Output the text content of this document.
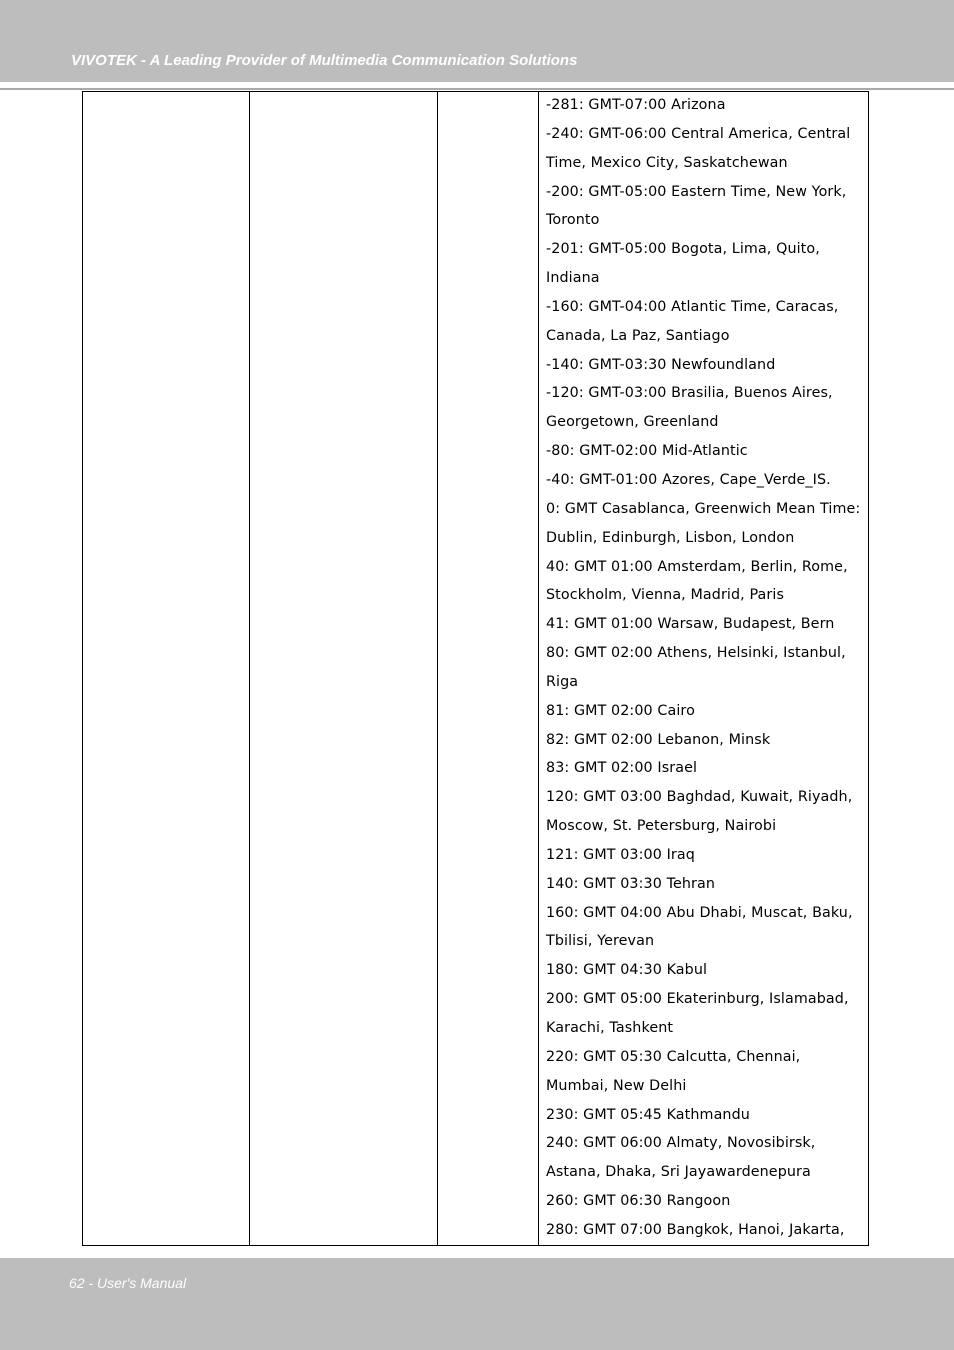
VIVOTEK - A Leading Provider of Multimedia Communication Solutions
-281: GMT-07:00 Arizona
-240: GMT-06:00 Central America, Central
Time, Mexico City, Saskatchewan
-200: GMT-05:00 Eastern Time, New York,
Toronto
-201: GMT-05:00 Bogota, Lima, Quito,
Indiana
-160: GMT-04:00 Atlantic Time, Caracas,
Canada, La Paz, Santiago
-140: GMT-03:30 Newfoundland
-120: GMT-03:00 Brasilia, Buenos Aires,
Georgetown, Greenland
-80: GMT-02:00 Mid-Atlantic
-40: GMT-01:00 Azores, Cape_Verde_IS.
0: GMT Casablanca, Greenwich Mean Time:
Dublin, Edinburgh, Lisbon, London
40: GMT 01:00 Amsterdam, Berlin, Rome,
Stockholm, Vienna, Madrid, Paris
41: GMT 01:00 Warsaw, Budapest, Bern
80: GMT 02:00 Athens, Helsinki, Istanbul,
Riga
81: GMT 02:00 Cairo
82: GMT 02:00 Lebanon, Minsk
83: GMT 02:00 Israel
120: GMT 03:00 Baghdad, Kuwait, Riyadh,
Moscow, St. Petersburg, Nairobi
121: GMT 03:00 Iraq
140: GMT 03:30 Tehran
160: GMT 04:00 Abu Dhabi, Muscat, Baku,
Tbilisi, Yerevan
180: GMT 04:30 Kabul
200: GMT 05:00 Ekaterinburg, Islamabad,
Karachi, Tashkent
220: GMT 05:30 Calcutta, Chennai,
Mumbai, New Delhi
230: GMT 05:45 Kathmandu
240: GMT 06:00 Almaty, Novosibirsk,
Astana, Dhaka, Sri Jayawardenepura
260: GMT 06:30 Rangoon
280: GMT 07:00 Bangkok, Hanoi, Jakarta,
62 - User's Manual
